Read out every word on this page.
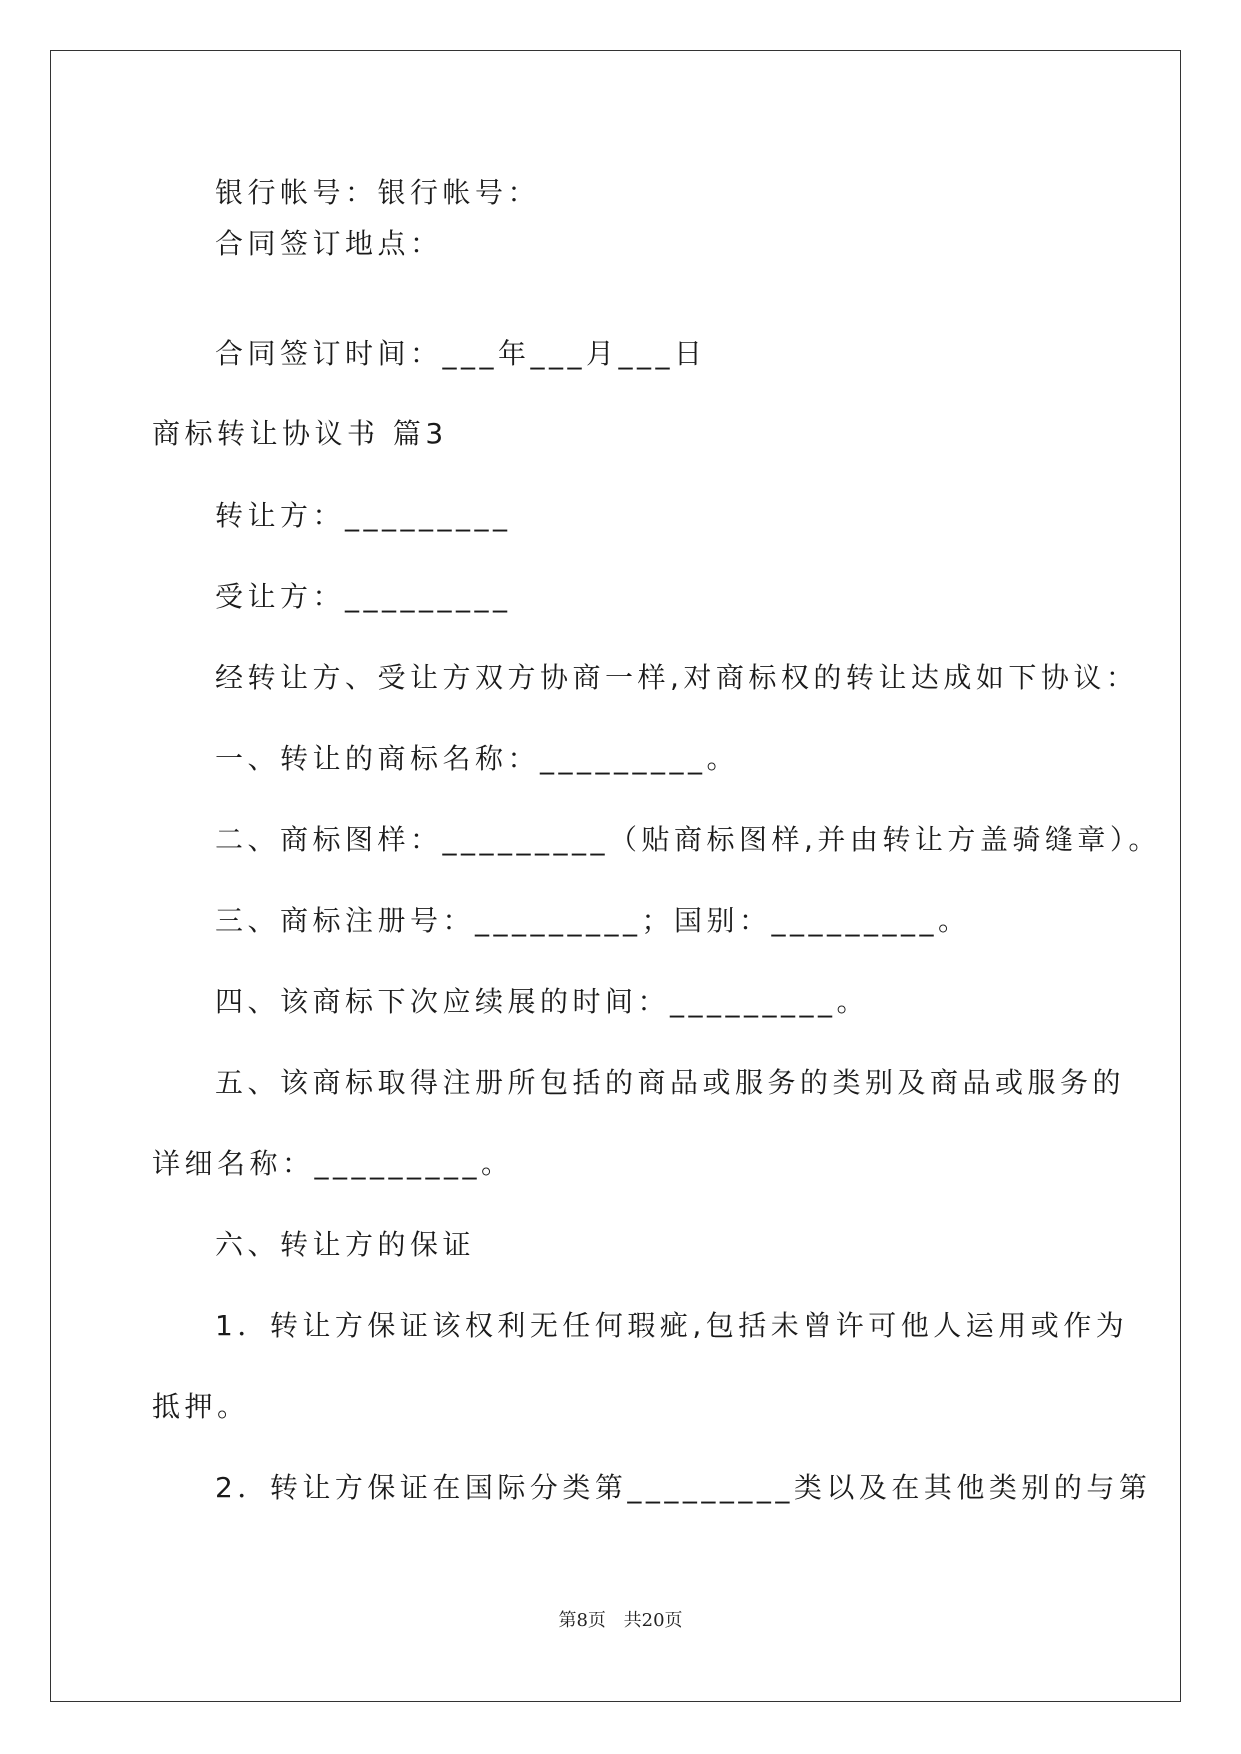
银行帐号：银行帐号：
合同签订地点：
合同签订时间：___年___月___日
商标转让协议书 篇3
转让方：_________
受让方：_________
经转让方、受让方双方协商一样,对商标权的转让达成如下协议：
一、转让的商标名称：_________。
二、商标图样：_________（贴商标图样,并由转让方盖骑缝章）。
三、商标注册号：_________；国别：_________。
四、该商标下次应续展的时间：_________。
五、该商标取得注册所包括的商品或服务的类别及商品或服务的
详细名称：_________。
六、转让方的保证
1．转让方保证该权利无任何瑕疵,包括未曾许可他人运用或作为
抵押。
2．转让方保证在国际分类第_________类以及在其他类别的与第
第8页 共20页
